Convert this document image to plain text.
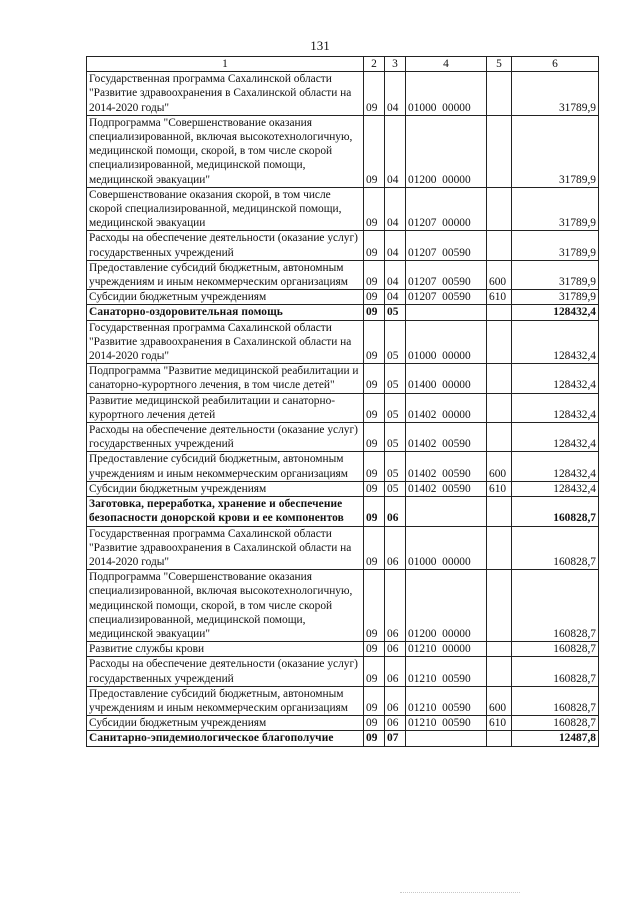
131
1	2	3	4	5	6
Государственная программа Сахалинской области "Развитие здравоохранения в Сахалинской области на 2014-2020 годы"	09	04	01000  00000		31789,9
Подпрограмма "Совершенствование оказания специализированной, включая высокотехнологичную, медицинской помощи, скорой, в том числе скорой специализированной, медицинской помощи, медицинской эвакуации"	09	04	01200  00000		31789,9
Совершенствование оказания скорой, в том числе скорой специализированной, медицинской помощи, медицинской эвакуации	09	04	01207  00000		31789,9
Расходы на обеспечение деятельности (оказание услуг) государственных учреждений	09	04	01207  00590		31789,9
Предоставление субсидий бюджетным, автономным учреждениям и иным некоммерческим организациям	09	04	01207  00590	600	31789,9
Субсидии бюджетным учреждениям	09	04	01207  00590	610	31789,9
Санаторно-оздоровительная помощь	09	05			128432,4
Государственная программа Сахалинской области "Развитие здравоохранения в Сахалинской области на 2014-2020 годы"	09	05	01000  00000		128432,4
Подпрограмма "Развитие медицинской реабилитации и санаторно-курортного лечения, в том числе детей"	09	05	01400  00000		128432,4
Развитие медицинской реабилитации и санаторно-курортного лечения детей	09	05	01402  00000		128432,4
Расходы на обеспечение деятельности (оказание услуг) государственных учреждений	09	05	01402  00590		128432,4
Предоставление субсидий бюджетным, автономным учреждениям и иным некоммерческим организациям	09	05	01402  00590	600	128432,4
Субсидии бюджетным учреждениям	09	05	01402  00590	610	128432,4
Заготовка, переработка, хранение и обеспечение безопасности донорской крови и ее компонентов	09	06			160828,7
Государственная программа Сахалинской области "Развитие здравоохранения в Сахалинской области на 2014-2020 годы"	09	06	01000  00000		160828,7
Подпрограмма "Совершенствование оказания специализированной, включая высокотехнологичную, медицинской помощи, скорой, в том числе скорой специализированной, медицинской помощи, медицинской эвакуации"	09	06	01200  00000		160828,7
Развитие службы крови	09	06	01210  00000		160828,7
Расходы на обеспечение деятельности (оказание услуг) государственных учреждений	09	06	01210  00590		160828,7
Предоставление субсидий бюджетным, автономным учреждениям и иным некоммерческим организациям	09	06	01210  00590	600	160828,7
Субсидии бюджетным учреждениям	09	06	01210  00590	610	160828,7
Санитарно-эпидемиологическое благополучие	09	07			12487,8
